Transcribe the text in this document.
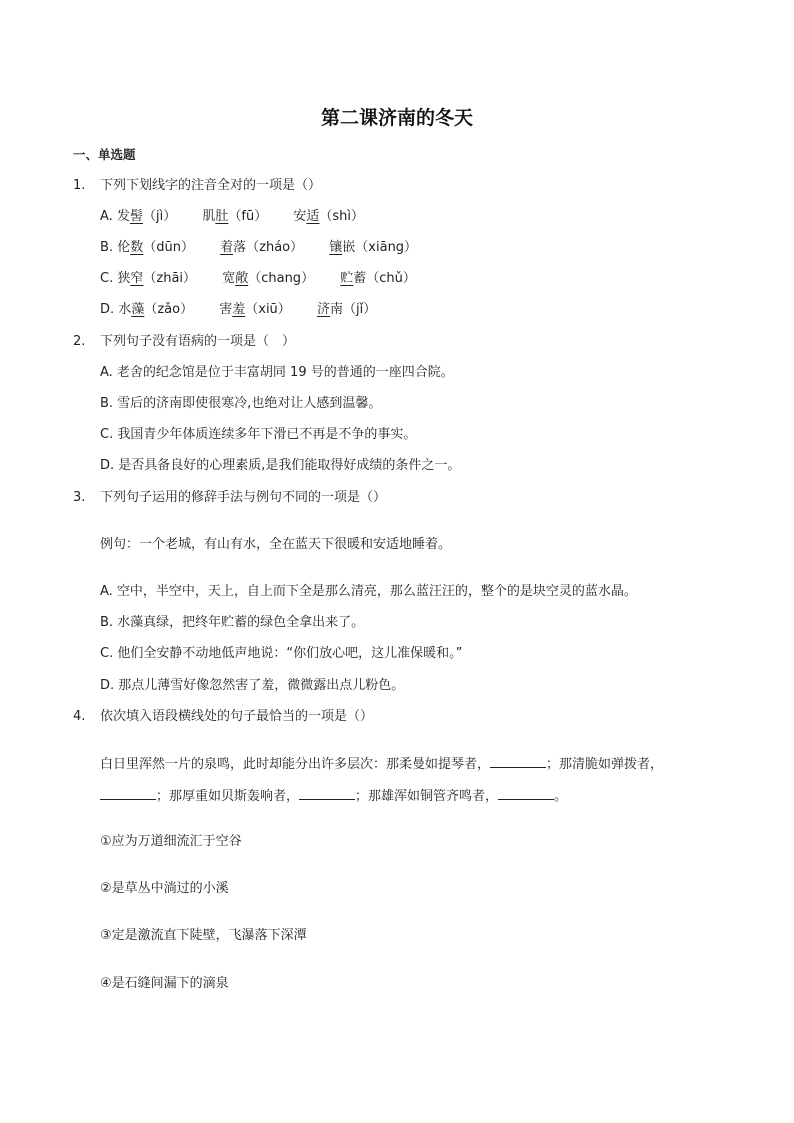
第二课济南的冬天
一、单选题
1. 下列下划线字的注音全对的一项是（）
A. 发髻（jì） 肌肚（fū） 安适（shì）
B. 伦数（dūn） 着落（zháo） 镶嵌（xiāng）
C. 狭窄（zhāi） 宽敞（chang） 贮蓄（chǔ）
D. 水藻（zǎo） 害羞（xiū） 济南（jǐ）
2. 下列句子没有语病的一项是（　）
A. 老舍的纪念馆是位于丰富胡同 19 号的普通的一座四合院。
B. 雪后的济南即使很寒冷,也绝对让人感到温馨。
C. 我国青少年体质连续多年下滑已不再是不争的事实。
D. 是否具备良好的心理素质,是我们能取得好成绩的条件之一。
3. 下列句子运用的修辞手法与例句不同的一项是（）
例句：一个老城，有山有水，全在蓝天下很暖和安适地睡着。
A. 空中，半空中，天上，自上而下全是那么清亮，那么蓝汪汪的，整个的是块空灵的蓝水晶。
B. 水藻真绿，把终年贮蓄的绿色全拿出来了。
C. 他们全安静不动地低声地说：“你们放心吧，这儿准保暖和。”
D. 那点儿薄雪好像忽然害了羞，微微露出点儿粉色。
4. 依次填入语段横线处的句子最恰当的一项是（）
白日里浑然一片的泉鸣，此时却能分出许多层次：那柔曼如提琴者，	；那清脆如弹拨者，
；那厚重如贝斯轰响者，	；那雄浑如铜管齐鸣者，	。
①应为万道细流汇于空谷
②是草丛中淌过的小溪
③定是激流直下陡壁，飞瀑落下深潭
④是石缝间漏下的滴泉
